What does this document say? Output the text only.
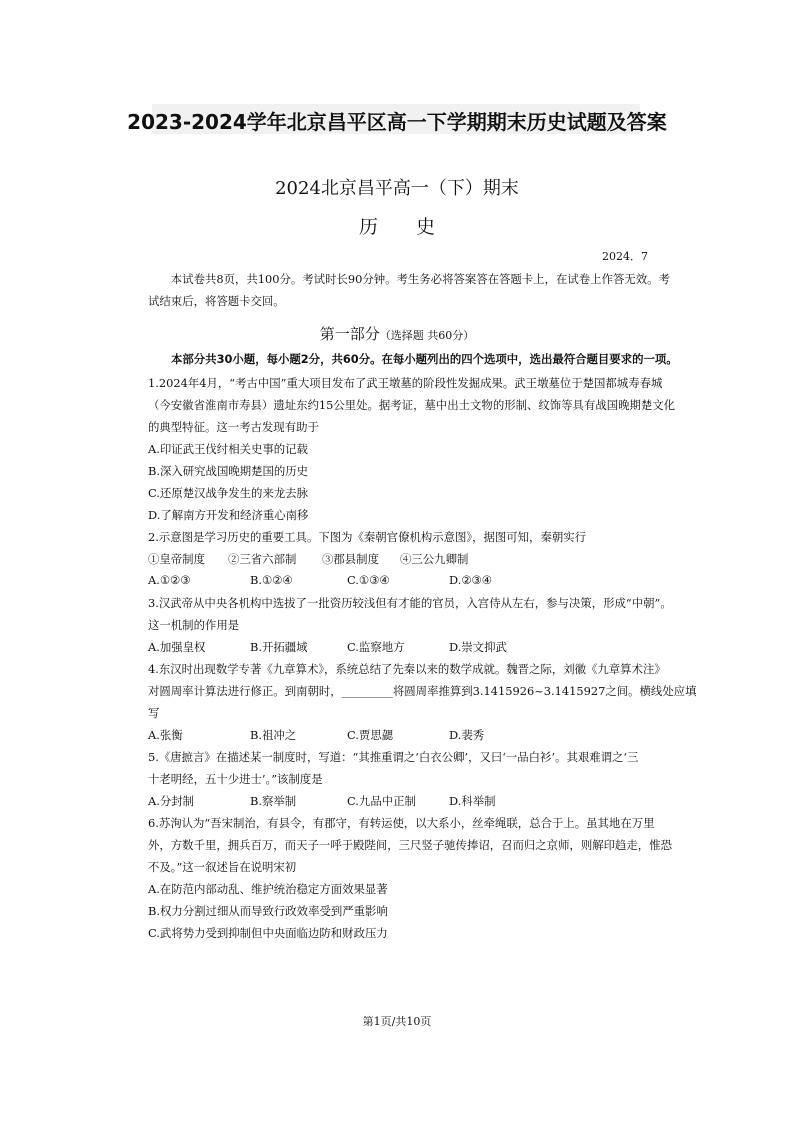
2023-2024学年北京昌平区高一下学期期末历史试题及答案
2024北京昌平高一（下）期末
历　　史
2024．7
　　本试卷共8页，共100分。考试时长90分钟。考生务必将答案答在答题卡上，在试卷上作答无效。考
试结束后，将答题卡交回。
第一部分（选择题 共60分）
本部分共30小题，每小题2分，共60分。在每小题列出的四个选项中，选出最符合题目要求的一项。
1.2024年4月，“考古中国”重大项目发布了武王墩墓的阶段性发掘成果。武王墩墓位于楚国都城寿春城
（今安徽省淮南市寿县）遗址东约15公里处。据考证，墓中出土文物的形制、纹饰等具有战国晚期楚文化
的典型特征。这一考古发现有助于
A.印证武王伐纣相关史事的记载
B.深入研究战国晚期楚国的历史
C.还原楚汉战争发生的来龙去脉
D.了解南方开发和经济重心南移
2.示意图是学习历史的重要工具。下图为《秦朝官僚机构示意图》，据图可知，秦朝实行
①皇帝制度 ②三省六部制 ③郡县制度 ④三公九卿制
A.①②③	B.①②④	C.①③④	D.②③④
3.汉武帝从中央各机构中选拔了一批资历较浅但有才能的官员，入宫侍从左右，参与决策，形成“中朝”。
这一机制的作用是
A.加强皇权	B.开拓疆域	C.监察地方	D.崇文抑武
4.东汉时出现数学专著《九章算术》，系统总结了先秦以来的数学成就。魏晋之际，刘徽《九章算术注》
对圆周率计算法进行修正。到南朝时，_________将圆周率推算到3.1415926~3.1415927之间。横线处应填
写
A.张衡	B.祖冲之	C.贾思勰	D.裴秀
5.《唐摭言》在描述某一制度时，写道：“其推重谓之‘白衣公卿’，又曰‘一品白衫’。其艰难谓之‘三
十老明经，五十少进士’。”该制度是
A.分封制	B.察举制	C.九品中正制	D.科举制
6.苏洵认为“吾宋制治，有县令，有郡守，有转运使，以大系小，丝牵绳联，总合于上。虽其地在万里
外，方数千里，拥兵百万，而天子一呼于殿陛间，三尺竖子驰传捧诏，召而归之京师，则解印趋走，惟恐
不及。”这一叙述旨在说明宋初
A.在防范内部动乱、维护统治稳定方面效果显著
B.权力分割过细从而导致行政效率受到严重影响
C.武将势力受到抑制但中央面临边防和财政压力
第1页/共10页
